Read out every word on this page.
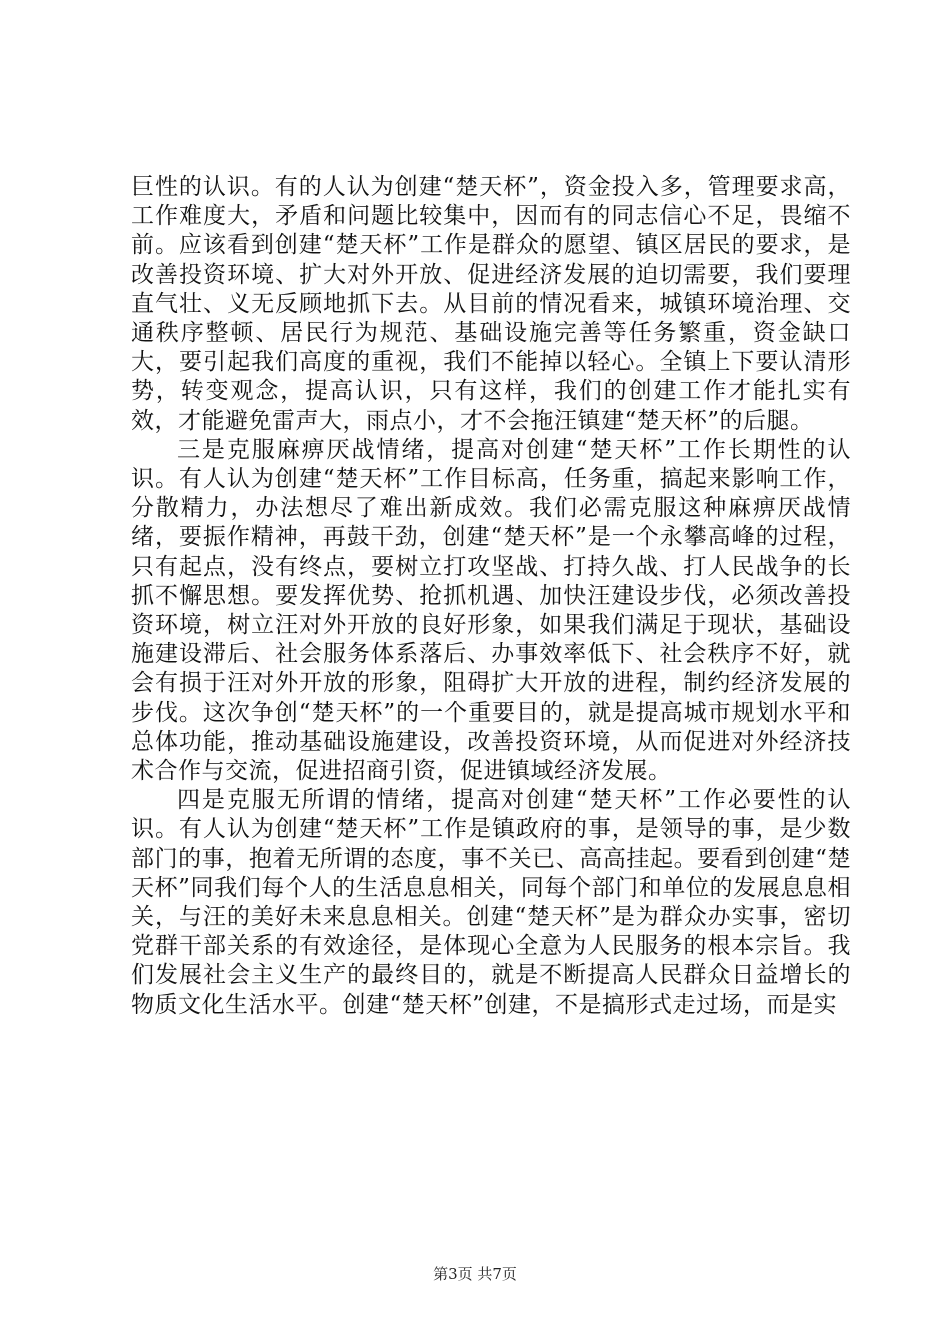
巨性的认识。有的人认为创建“楚天杯”，资金投入多，管理要求高，工作难度大，矛盾和问题比较集中，因而有的同志信心不足，畏缩不前。应该看到创建“楚天杯”工作是群众的愿望、镇区居民的要求，是改善投资环境、扩大对外开放、促进经济发展的迫切需要，我们要理直气壮、义无反顾地抓下去。从目前的情况看来，城镇环境治理、交通秩序整顿、居民行为规范、基础设施完善等任务繁重，资金缺口大，要引起我们高度的重视，我们不能掉以轻心。全镇上下要认清形势，转变观念，提高认识，只有这样，我们的创建工作才能扎实有效，才能避免雷声大，雨点小，才不会拖汪镇建“楚天杯”的后腿。

三是克服麻痹厌战情绪，提高对创建“楚天杯”工作长期性的认识。有人认为创建“楚天杯”工作目标高，任务重，搞起来影响工作，分散精力，办法想尽了难出新成效。我们必需克服这种麻痹厌战情绪，要振作精神，再鼓干劲，创建“楚天杯”是一个永攀高峰的过程，只有起点，没有终点，要树立打攻坚战、打持久战、打人民战争的长抓不懈思想。要发挥优势、抢抓机遇、加快汪建设步伐，必须改善投资环境，树立汪对外开放的良好形象，如果我们满足于现状，基础设施建设滞后、社会服务体系落后、办事效率低下、社会秩序不好，就会有损于汪对外开放的形象，阻碍扩大开放的进程，制约经济发展的步伐。这次争创“楚天杯”的一个重要目的，就是提高城市规划水平和总体功能，推动基础设施建设，改善投资环境，从而促进对外经济技术合作与交流，促进招商引资，促进镇域经济发展。

四是克服无所谓的情绪，提高对创建“楚天杯”工作必要性的认识。有人认为创建“楚天杯”工作是镇政府的事，是领导的事，是少数部门的事，抱着无所谓的态度，事不关已、高高挂起。要看到创建“楚天杯”同我们每个人的生活息息相关，同每个部门和单位的发展息息相关，与汪的美好未来息息相关。创建“楚天杯”是为群众办实事，密切党群干部关系的有效途径，是体现心全意为人民服务的根本宗旨。我们发展社会主义生产的最终目的，就是不断提高人民群众日益增长的物质文化生活水平。创建“楚天杯”创建，不是搞形式走过场，而是实

第3页 共7页
